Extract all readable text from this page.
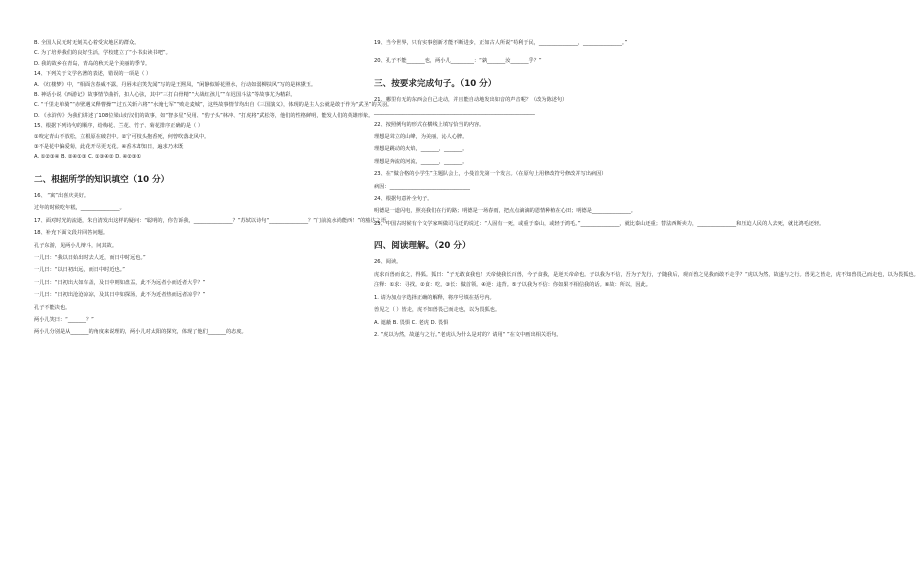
B. 全国人民无时无刻关心着受灾地区的群众。
C. 为了培养我们的良好生活，学校建立了“小书虫读书吧”。
D. 我的故乡在青岛，青岛的秋天是个美丽的季节。
14、下列关于文学名著的表述，错误的一项是（ ）
A. 《红楼梦》中，“相面含春威不露，丹唇未启笑先闻”写的是王熙凤，“闲静似娇花照水，行动如弱柳扶风”写的是林黛玉。
B. 神话小说《西游记》故事情节曲折，扣人心弦，其中“三打白骨精”“大战红孩儿”“车迟国斗法”等故事尤为精彩。
C. “千里走单骑”“赤壁遇义释曹操”“过五关斩六将”“水淹七军”“败走麦城”，这些故事情节均出自《三国演义》，体现的是主人公就是敢于作为“武圣”的关羽。
D. 《水浒传》为我们讲述了108位梁山好汉们的故事，如“智多星”吴用、“豹子头”林冲、“打虎将”武松等，他们的性格鲜明，能发人们的英雄形象。
15、根据下列诗句的顺序，给梅花、兰花、竹子、菊花排序正确的是（ ）
①咬定青山不放松，立根原在破岩中。②宁可枝头抱香死，何曾吹落北风中。
③不是花中偏爱菊，此花开尽更无花。④香木却知日，遍求乃未既
A. ①②③④ B. ②④①③ C. ①③④② D. ④②③①
二、根据所学的知识填空（10 分）
16、 “寓”出喜庆美好。
过年的时候吃年糕，_______________。
17、面对时光的流逝，朱自清发出这样的疑问：“聪明的，你告诉我，_______________？”苏轼以诗句“_______________？”门前流水尚能西！”的豁达之语。
18、补充下面文段并回答问题。
孔子东游，见两小儿辩斗，问其故。
一儿曰：“我以日始出时去人近，而日中时远也。”
一儿曰：“以日初出远，而日中时近也。”
一儿曰：“日初出大如车盖，及日中则如盘盂，此不为远者小而近者大乎？”
一儿曰：“日初出沧沧凉凉，及其日中如探汤，此不为近者热而远者凉乎？”
孔子不能决也。
两小儿笑曰：“_______？”
两小儿分别是从_______的角度来说理的，两小儿对太阳的探究，体现了他们_______的态度。
19、当今世界，只有实事创新才能不断进步，正如古人所说“苟利于民，_______________，_______________。”
20、孔子不能_______也，两小儿_________：“孰_______汝_______乎？”
三、按要求完成句子。（10 分）
21、哪里有无的东西会自己走动，并且能自动地发出如音的声音呢？（改为陈述句）
______________________________________________________________
22、按照例句的形式在横线上填写恰当的内容。
理想是耸立的山峰，为美丽，沁人心脾。
理想是跳动的火焰，_______，_______。
理想是奔流的河流，_______，_______。
23、在“做合格的小学生”主题队会上，小曼首先第一个发言。（在原句上用修改符号修改并写出病因）
病因：_______________________________
24、根据句意补全句子。
明德是一道闪电，照亮我们在行的路；明德是一场春雨，把点点滴滴的恩情种植在心田；明德是_______________。
25、中国古时候有个文学家叫做司马迁的说过：“人固有一死，或重于泰山，或轻于鸿毛。”_______________，就比泰山还重；替法西斯卖力，_______________和压迫人民的人去死，就比鸿毛还轻。
四、阅读理解。（20 分）
26、阅读。
虎求百兽而食之，得狐。狐曰：“子无敢食我也！天帝使我长百兽，今子食我，是逆天帝命也。子以我为不信，吾为子先行，子随我后，观百兽之见我而敢不走乎？”虎以为然，故遂与之行。兽见之皆走，虎不知兽畏己而走也，以为畏狐也。
注释：①求：寻找。②食：吃。③长：做首领。④逆：违背。⑤子以我为不信：你如果不相信我的话。⑥故：所以，因此。
1. 请为加点字选择正确的解释，将序号填在括号内。
兽见之（ ）皆走，虎不知兽畏己而走也，以为畏狐也。
A. 遮蔽 B. 畏惧 C. 老虎 D. 畏惧
2. “虎以为然，故遂与之行。”老虎认为什么是对的？请用“ ”在文中画出相关语句。
